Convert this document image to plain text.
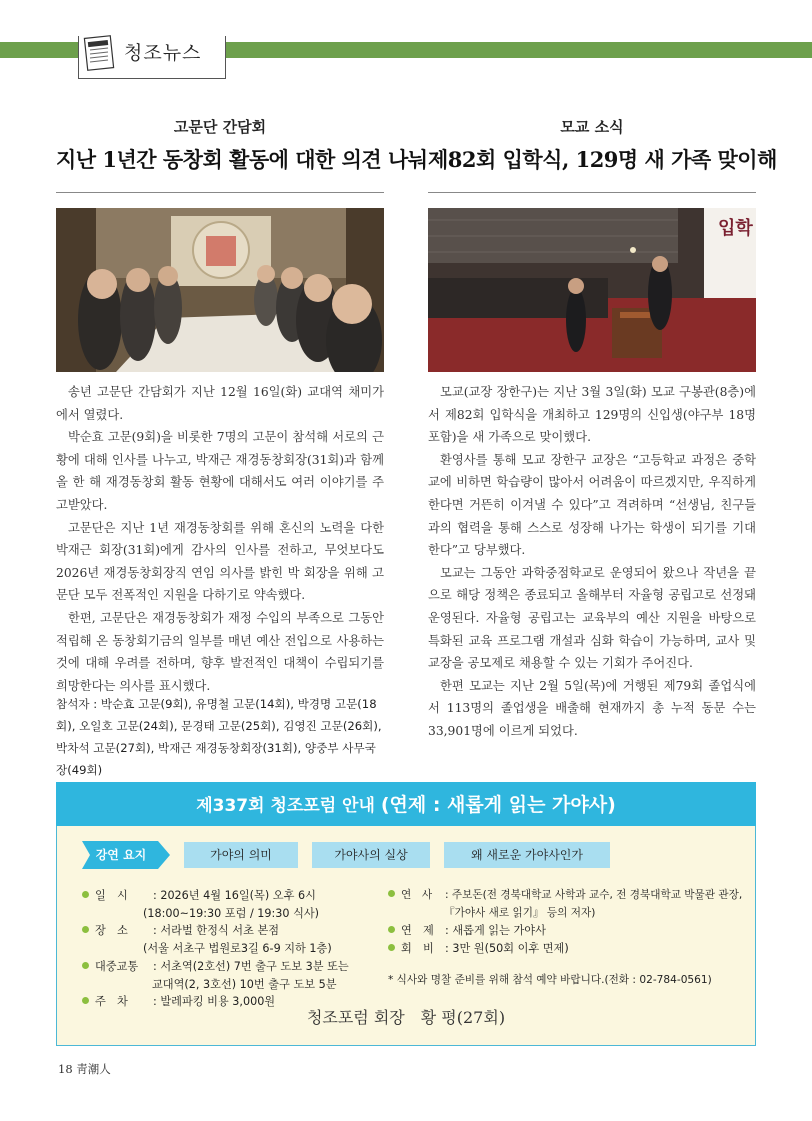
청조뉴스
고문단 간담회
지난 1년간 동창회 활동에 대한 의견 나눠

송년 고문단 간담회가 지난 12월 16일(화) 교대역 채미가에서 열렸다.

박순효 고문(9회)을 비롯한 7명의 고문이 참석해 서로의 근황에 대해 인사를 나누고, 박재근 재경동창회장(31회)과 함께 올 한 해 재경동창회 활동 현황에 대해서도 여러 이야기를 주고받았다.

고문단은 지난 1년 재경동창회를 위해 혼신의 노력을 다한 박재근 회장(31회)에게 감사의 인사를 전하고, 무엇보다도 2026년 재경동창회장직 연임 의사를 밝힌 박 회장을 위해 고문단 모두 전폭적인 지원을 다하기로 약속했다.

한편, 고문단은 재경동창회가 재정 수입의 부족으로 그동안 적립해 온 동창회기금의 일부를 매년 예산 전입으로 사용하는 것에 대해 우려를 전하며, 향후 발전적인 대책이 수립되기를 희망한다는 의사를 표시했다.

참석자 : 박순효 고문(9회), 유명철 고문(14회), 박경명 고문(18회), 오일호 고문(24회), 문경태 고문(25회), 김영진 고문(26회), 박차석 고문(27회), 박재근 재경동창회장(31회), 양중부 사무국장(49회)
모교 소식
제82회 입학식, 129명 새 가족 맞이해
입학

모교(교장 장한구)는 지난 3월 3일(화) 모교 구봉관(8층)에서 제82회 입학식을 개최하고 129명의 신입생(야구부 18명 포함)을 새 가족으로 맞이했다.

환영사를 통해 모교 장한구 교장은 “고등학교 과정은 중학교에 비하면 학습량이 많아서 어려움이 따르겠지만, 우직하게 한다면 거뜬히 이겨낼 수 있다”고 격려하며 “선생님, 친구들과의 협력을 통해 스스로 성장해 나가는 학생이 되기를 기대한다”고 당부했다.

모교는 그동안 과학중점학교로 운영되어 왔으나 작년을 끝으로 해당 정책은 종료되고 올해부터 자율형 공립고로 선정돼 운영된다. 자율형 공립고는 교육부의 예산 지원을 바탕으로 특화된 교육 프로그램 개설과 심화 학습이 가능하며, 교사 및 교장을 공모제로 채용할 수 있는 기회가 주어진다.

한편 모교는 지난 2월 5일(목)에 거행된 제79회 졸업식에서 113명의 졸업생을 배출해 현재까지 총 누적 동문 수는 33,901명에 이르게 되었다.

제337회 청조포럼 안내 (연제 : 새롭게 읽는 가야사)
강연 요지	가야의 의미	가야사의 실상	왜 새로운 가야사인가
일　시 : 2026년 4월 16일(목) 오후 6시
(18:00~19:30 포럼 / 19:30 식사)
장　소 : 서라벌 한정식 서초 본점
(서울 서초구 법원로3길 6-9 지하 1층)
대중교통 : 서초역(2호선) 7번 출구 도보 3분 또는
교대역(2, 3호선) 10번 출구 도보 5분
주　차 : 발레파킹 비용 3,000원
연　사 : 주보돈(전 경북대학교 사학과 교수, 전 경북대학교 박물관 관장,
『가야사 새로 읽기』 등의 저자)
연　제 : 새롭게 읽는 가야사
회　비 : 3만 원(50회 이후 면제)
* 식사와 명찰 준비를 위해 참석 예약 바랍니다.(전화 : 02-784-0561)
청조포럼 회장　황 평(27회)
18 靑潮人
